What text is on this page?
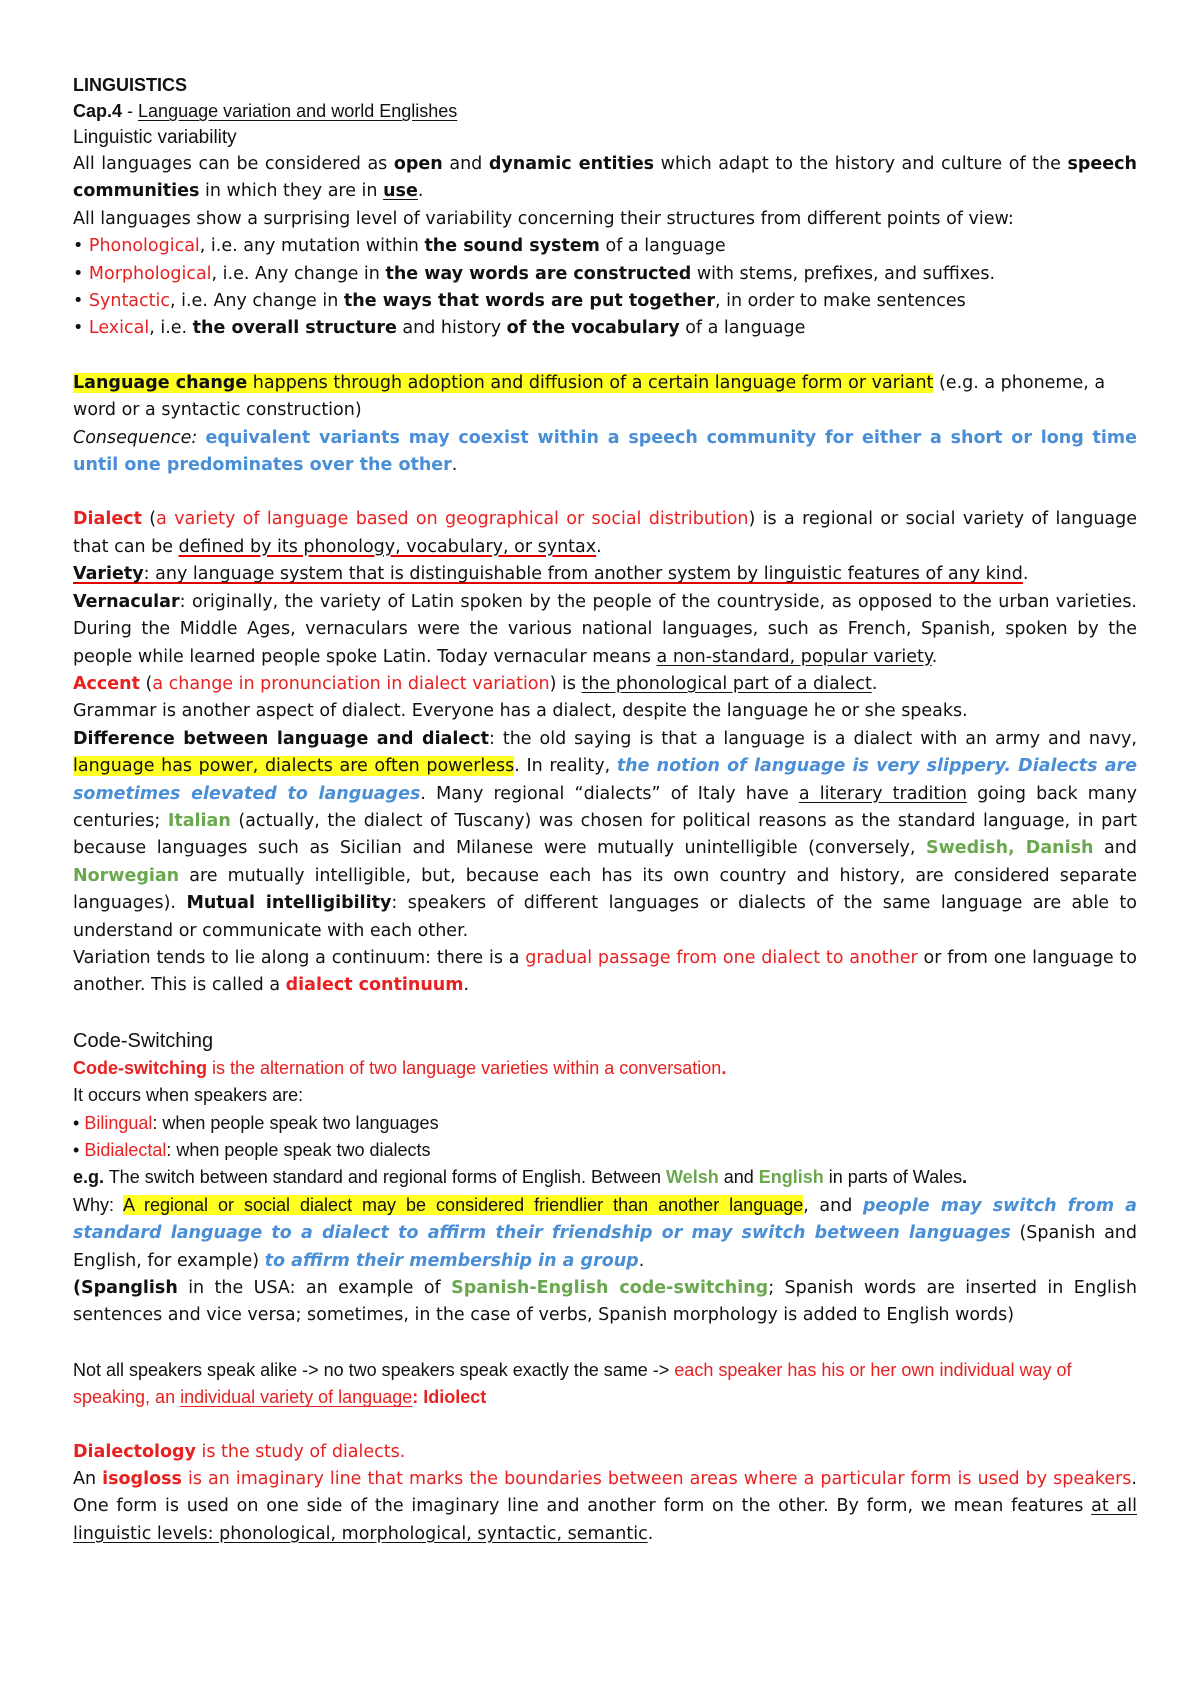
LINGUISTICS

Cap.4 - Language variation and world Englishes

Linguistic variability

All languages can be considered as open and dynamic entities which adapt to the history and culture of the speech communities in which they are in use.

All languages show a surprising level of variability concerning their structures from different points of view:

• Phonological, i.e. any mutation within the sound system of a language

• Morphological, i.e. Any change in the way words are constructed with stems, prefixes, and suffixes.

• Syntactic, i.e. Any change in the ways that words are put together, in order to make sentences

• Lexical, i.e. the overall structure and history of the vocabulary of a language

Language change happens through adoption and diffusion of a certain language form or variant (e.g. a phoneme, a word or a syntactic construction)

Consequence: equivalent variants may coexist within a speech community for either a short or long time until one predominates over the other.

Dialect (a variety of language based on geographical or social distribution) is a regional or social variety of language that can be defined by its phonology, vocabulary, or syntax.

Variety: any language system that is distinguishable from another system by linguistic features of any kind.

Vernacular: originally, the variety of Latin spoken by the people of the countryside, as opposed to the urban varieties. During the Middle Ages, vernaculars were the various national languages, such as French, Spanish, spoken by the people while learned people spoke Latin. Today vernacular means a non-standard, popular variety.

Accent (a change in pronunciation in dialect variation) is the phonological part of a dialect.

Grammar is another aspect of dialect. Everyone has a dialect, despite the language he or she speaks.

Difference between language and dialect: the old saying is that a language is a dialect with an army and navy, language has power, dialects are often powerless. In reality, the notion of language is very slippery. Dialects are sometimes elevated to languages. Many regional “dialects” of Italy have a literary tradition going back many centuries; Italian (actually, the dialect of Tuscany) was chosen for political reasons as the standard language, in part because languages such as Sicilian and Milanese were mutually unintelligible (conversely, Swedish, Danish and Norwegian are mutually intelligible, but, because each has its own country and history, are considered separate languages). Mutual intelligibility: speakers of different languages or dialects of the same language are able to understand or communicate with each other.

Variation tends to lie along a continuum: there is a gradual passage from one dialect to another or from one language to another. This is called a dialect continuum.

Code-Switching

Code-switching is the alternation of two language varieties within a conversation.

It occurs when speakers are:

• Bilingual: when people speak two languages

• Bidialectal: when people speak two dialects

e.g. The switch between standard and regional forms of English. Between Welsh and English in parts of Wales.

Why: A regional or social dialect may be considered friendlier than another language, and people may switch from a standard language to a dialect to affirm their friendship or may switch between languages (Spanish and English, for example) to affirm their membership in a group.

(Spanglish in the USA: an example of Spanish-English code-switching; Spanish words are inserted in English sentences and vice versa; sometimes, in the case of verbs, Spanish morphology is added to English words)

Not all speakers speak alike -> no two speakers speak exactly the same -> each speaker has his or her own individual way of speaking, an individual variety of language: Idiolect

Dialectology is the study of dialects.

An isogloss is an imaginary line that marks the boundaries between areas where a particular form is used by speakers. One form is used on one side of the imaginary line and another form on the other. By form, we mean features at all linguistic levels: phonological, morphological, syntactic, semantic.
